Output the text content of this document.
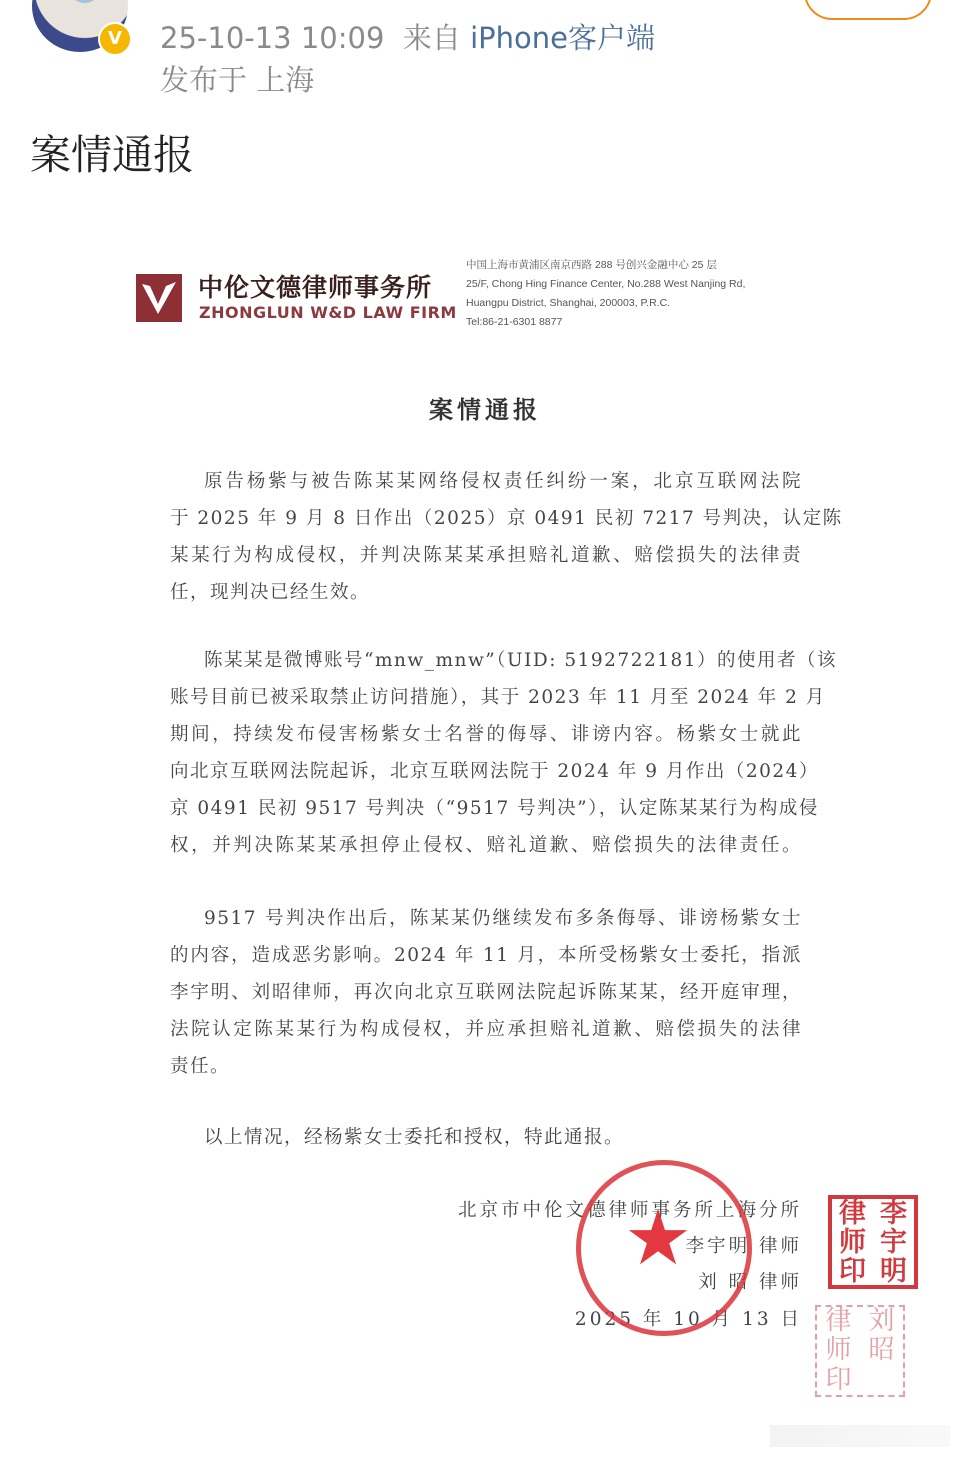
V	25-10-13 10:09 来自 iPhone客户端
发布于 上海
案情通报
中伦文德律师事务所
ZHONGLUN W&D LAW FIRM
中国上海市黄浦区南京西路 288 号创兴金融中心 25 层
25/F, Chong Hing Finance Center, No.288 West Nanjing Rd,
Huangpu District, Shanghai, 200003, P.R.C.
Tel:86-21-6301 8877
案情通报
原告杨紫与被告陈某某网络侵权责任纠纷一案，北京互联网法院
于 2025 年 9 月 8 日作出（2025）京 0491 民初 7217 号判决，认定陈
某某行为构成侵权，并判决陈某某承担赔礼道歉、赔偿损失的法律责
任，现判决已经生效。
陈某某是微博账号“mnw_mnw”（UID: 5192722181）的使用者（该
账号目前已被采取禁止访问措施），其于 2023 年 11 月至 2024 年 2 月
期间，持续发布侵害杨紫女士名誉的侮辱、诽谤内容。杨紫女士就此
向北京互联网法院起诉，北京互联网法院于 2024 年 9 月作出（2024）
京 0491 民初 9517 号判决（“9517 号判决”），认定陈某某行为构成侵
权，并判决陈某某承担停止侵权、赔礼道歉、赔偿损失的法律责任。
9517 号判决作出后，陈某某仍继续发布多条侮辱、诽谤杨紫女士
的内容，造成恶劣影响。2024 年 11 月，本所受杨紫女士委托，指派
李宇明、刘昭律师，再次向北京互联网法院起诉陈某某，经开庭审理，
法院认定陈某某行为构成侵权，并应承担赔礼道歉、赔偿损失的法律
责任。
以上情况，经杨紫女士委托和授权，特此通报。
北京市中伦文德律师事务所上海分所
李宇明 律师
刘 昭 律师
2025 年 10 月 13 日
★	律 李
师 宇
印 明
律 刘
师 昭
印
